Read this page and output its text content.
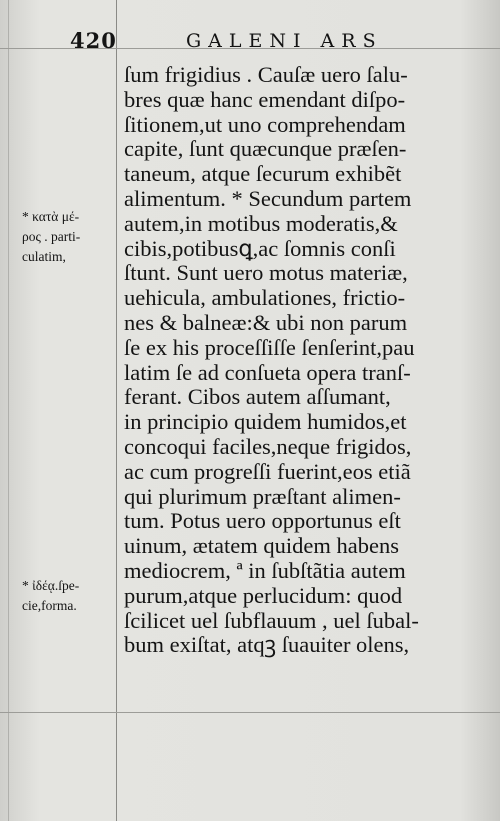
420	GALENI ARS
ſum frigidius . Cauſæ uero ſalu-
bres quæ hanc emendant diſpo-
ſitionem,ut uno comprehendam
capite, ſunt quæcunque præſen-
taneum, atque ſecurum exhibẽt
alimentum. * Secundum partem
autem,in motibus moderatis,&
cibis,potibusꝗ,ac ſomnis conſi
ſtunt. Sunt uero motus materiæ,
uehicula, ambulationes, frictio-
nes & balneæ:& ubi non parum
ſe ex his proceſſiſſe ſenſerint,pau
latim ſe ad conſueta opera tranſ-
ferant. Cibos autem aſſumant,
in principio quidem humidos,et
concoqui faciles,neque frigidos,
ac cum progreſſi fuerint,eos etiã
qui plurimum præſtant alimen-
tum. Potus uero opportunus eſt
uinum, ætatem quidem habens
mediocrem, ª in ſubſtãtia autem
purum,atque perlucidum: quod
ſcilicet uel ſubflauum , uel ſubal-
bum exiſtat, atqꝫ ſuauiter olens,
* κατὰ μέ-
ρος . parti-
culatim,
* ἰδέᾳ.ſpe-
cie,forma.
